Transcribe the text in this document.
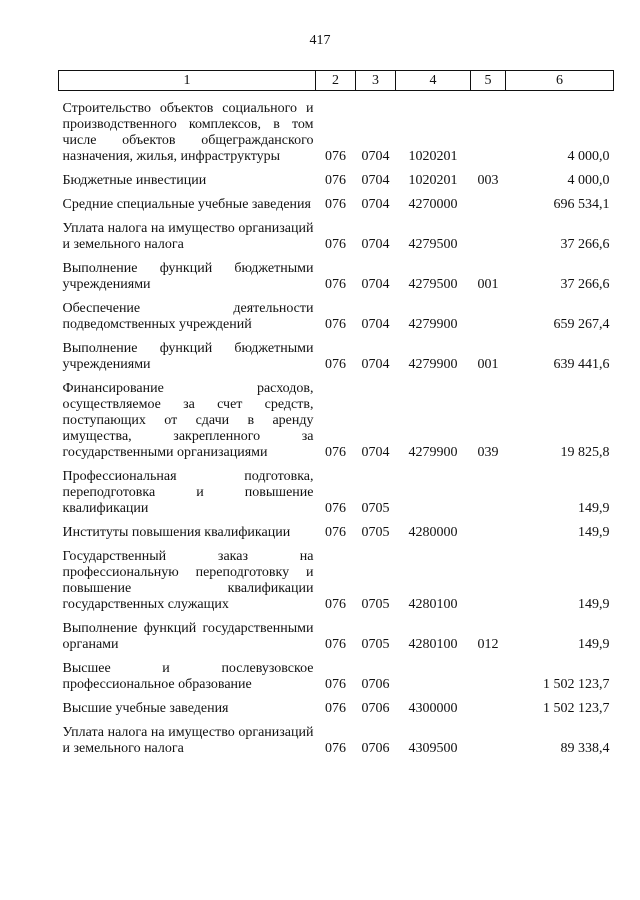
417
1	2	3	4	5	6
Строительство объектов социального и производственного комплексов, в том числе объектов общегражданского назначения, жилья, инфраструктуры	076	0704	1020201		4 000,0
Бюджетные инвестиции	076	0704	1020201	003	4 000,0
Средние специальные учебные заведения	076	0704	4270000		696 534,1
Уплата налога на имущество организаций и земельного налога	076	0704	4279500		37 266,6
Выполнение функций бюджетными учреждениями	076	0704	4279500	001	37 266,6
Обеспечение деятельности подведомственных учреждений	076	0704	4279900		659 267,4
Выполнение функций бюджетными учреждениями	076	0704	4279900	001	639 441,6
Финансирование расходов, осуществляемое за счет средств, поступающих от сдачи в аренду имущества, закрепленного за государственными организациями	076	0704	4279900	039	19 825,8
Профессиональная подготовка, переподготовка и повышение квалификации	076	0705			149,9
Институты повышения квалификации	076	0705	4280000		149,9
Государственный заказ на профессиональную переподготовку и повышение квалификации государственных служащих	076	0705	4280100		149,9
Выполнение функций государственными органами	076	0705	4280100	012	149,9
Высшее и послевузовское профессиональное образование	076	0706			1 502 123,7
Высшие учебные заведения	076	0706	4300000		1 502 123,7
Уплата налога на имущество организаций и земельного налога	076	0706	4309500		89 338,4
